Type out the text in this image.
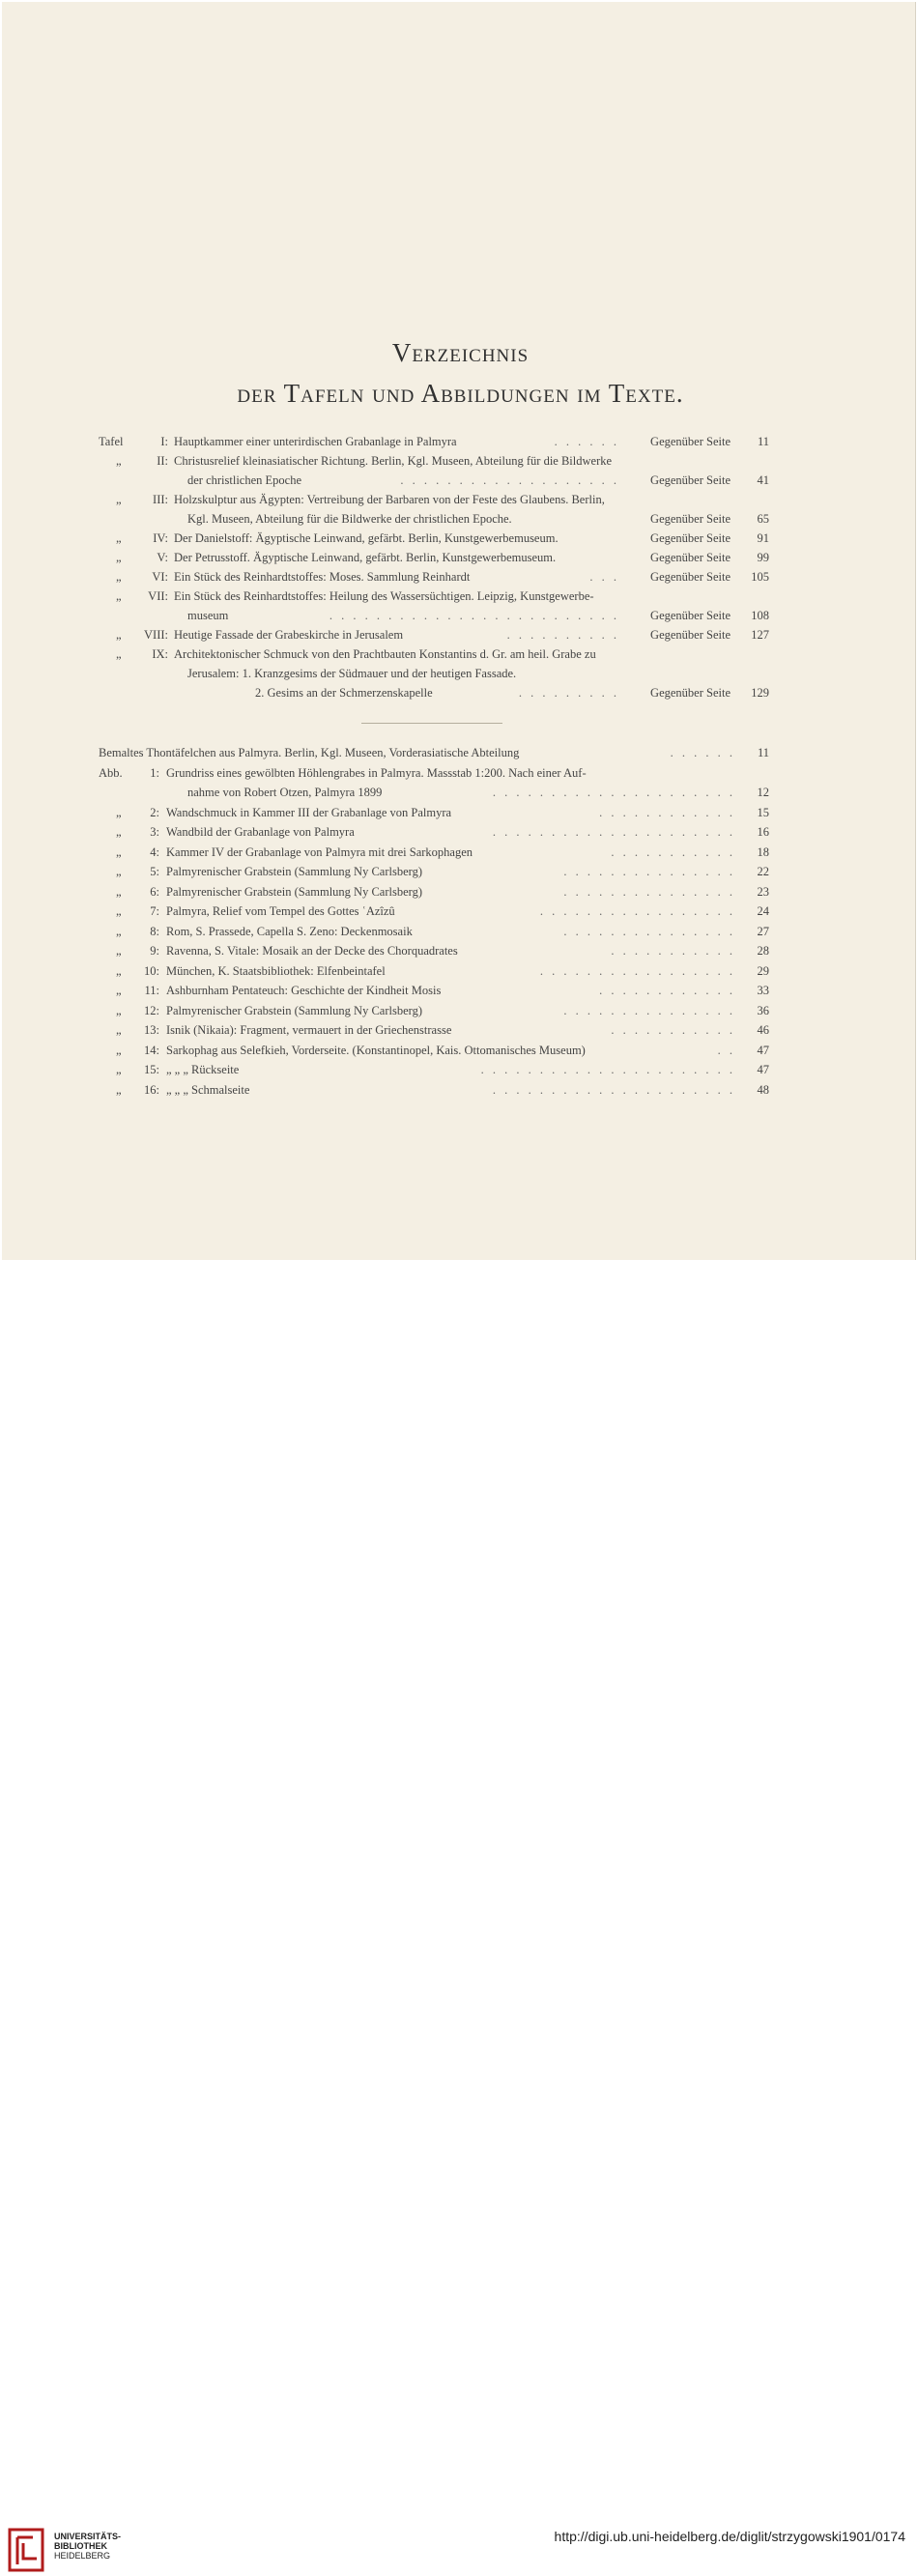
Verzeichnis
der Tafeln und Abbildungen im Texte.
Tafel	I: Hauptkammer einer unterirdischen Grabanlage in Palmyra	. . . . . .	Gegenüber Seite 11
„	II: Christusrelief kleinasiatischer Richtung. Berlin, Kgl. Museen, Abteilung für die Bildwerke
der christlichen Epoche	. . . . . . . . . . . . . . . . . . .	Gegenüber Seite 41
„	III: Holzskulptur aus Ägypten: Vertreibung der Barbaren von der Feste des Glaubens. Berlin,
Kgl. Museen, Abteilung für die Bildwerke der christlichen Epoche.	Gegenüber Seite 65
„	IV: Der Danielstoff: Ägyptische Leinwand, gefärbt. Berlin, Kunstgewerbemuseum.	Gegenüber Seite 91
„	V: Der Petrusstoff. Ägyptische Leinwand, gefärbt. Berlin, Kunstgewerbemuseum.	Gegenüber Seite 99
„	VI: Ein Stück des Reinhardtstoffes: Moses. Sammlung Reinhardt	. . .	Gegenüber Seite 105
„ VII: Ein Stück des Reinhardtstoffes: Heilung des Wassersüchtigen. Leipzig, Kunstgewerbe-
museum	. . . . . . . . . . . . . . . . . . . . . . . . .	Gegenüber Seite 108
„ VIII: Heutige Fassade der Grabeskirche in Jerusalem	. . . . . . . . . .	Gegenüber Seite 127
„	IX: Architektonischer Schmuck von den Prachtbauten Konstantins d. Gr. am heil. Grabe zu
Jerusalem: 1. Kranzgesims der Südmauer und der heutigen Fassade.
2. Gesims an der Schmerzenskapelle	. . . . . . . . .	Gegenüber Seite 129
Bemaltes Thontäfelchen aus Palmyra. Berlin, Kgl. Museen, Vorderasiatische Abteilung	. . . . . . 11
Abb. 1: Grundriss eines gewölbten Höhlengrabes in Palmyra. Massstab 1:200. Nach einer Auf-
nahme von Robert Otzen, Palmyra 1899	. . . . . . . . . . . . . . . . . . . . . 12
„ 2: Wandschmuck in Kammer III der Grabanlage von Palmyra	. . . . . . . . . . . . 15
„ 3: Wandbild der Grabanlage von Palmyra	. . . . . . . . . . . . . . . . . . . . . 16
„ 4: Kammer IV der Grabanlage von Palmyra mit drei Sarkophagen	. . . . . . . . . . . 18
„ 5: Palmyrenischer Grabstein (Sammlung Ny Carlsberg)	. . . . . . . . . . . . . . . 22
„ 6: Palmyrenischer Grabstein (Sammlung Ny Carlsberg)	. . . . . . . . . . . . . . . 23
„ 7: Palmyra, Relief vom Tempel des Gottes ʿAzîzû	. . . . . . . . . . . . . . . . . 24
„ 8: Rom, S. Prassede, Capella S. Zeno: Deckenmosaik	. . . . . . . . . . . . . . . 27
„ 9: Ravenna, S. Vitale: Mosaik an der Decke des Chorquadrates	. . . . . . . . . . . 28
„ 10: München, K. Staatsbibliothek: Elfenbeintafel	. . . . . . . . . . . . . . . . . 29
„ 11: Ashburnham Pentateuch: Geschichte der Kindheit Mosis	. . . . . . . . . . . . 33
„ 12: Palmyrenischer Grabstein (Sammlung Ny Carlsberg)	. . . . . . . . . . . . . . . 36
„ 13: Isnik (Nikaia): Fragment, vermauert in der Griechenstrasse	. . . . . . . . . . . 46
„ 14: Sarkophag aus Selefkieh, Vorderseite. (Konstantinopel, Kais. Ottomanisches Museum)	. . 47
„ 15: „ „ „ Rückseite	. . . . . . . . . . . . . . . . . . . . . . 47
„ 16: „ „ „ Schmalseite	. . . . . . . . . . . . . . . . . . . . . 48
UNIVERSITÄTS-
BIBLIOTHEK
HEIDELBERG
http://digi.ub.uni-heidelberg.de/diglit/strzygowski1901/0174
